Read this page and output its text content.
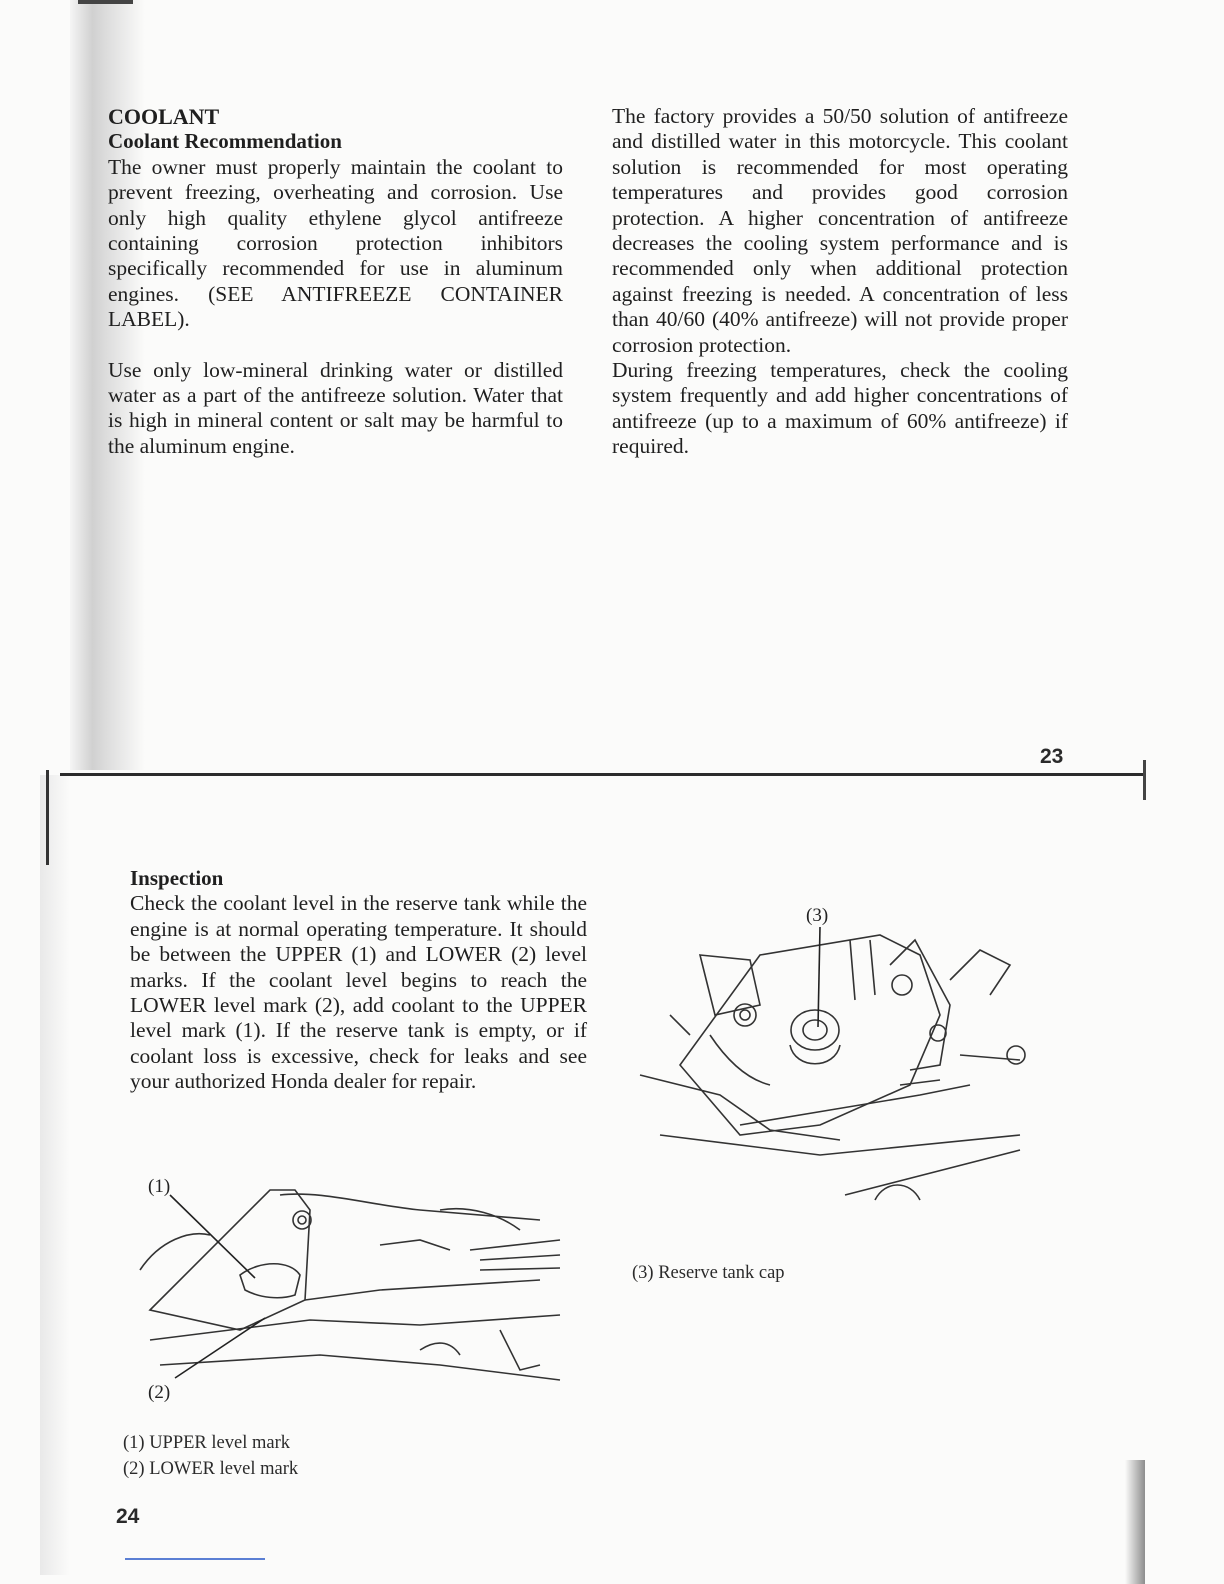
COOLANT

Coolant Recommendation

The owner must properly maintain the coolant to prevent freezing, overheating and corrosion. Use only high quality ethylene glycol antifreeze containing corrosion protection inhibitors specifically recommended for use in aluminum engines. (SEE ANTIFREEZE CONTAINER LABEL).

Use only low-mineral drinking water or distilled water as a part of the antifreeze solution. Water that is high in mineral content or salt may be harmful to the aluminum engine.

The factory provides a 50/50 solution of antifreeze and distilled water in this motorcycle. This coolant solution is recommended for most operating temperatures and provides good corrosion protection. A higher concentration of antifreeze decreases the cooling system performance and is recommended only when additional protection against freezing is needed. A concentration of less than 40/60 (40% antifreeze) will not provide proper corrosion protection.

During freezing temperatures, check the cooling system frequently and add higher concentrations of antifreeze (up to a maximum of 60% antifreeze) if required.

23

Inspection

Check the coolant level in the reserve tank while the engine is at normal operating temperature. It should be between the UPPER (1) and LOWER (2) level marks. If the coolant level begins to reach the LOWER level mark (2), add coolant to the UPPER level mark (1). If the reserve tank is empty, or if coolant loss is excessive, check for leaks and see your authorized Honda dealer for repair.

(1)
(2)
(1) UPPER level mark
(2) LOWER level mark
(3)
(3) Reserve tank cap
24
